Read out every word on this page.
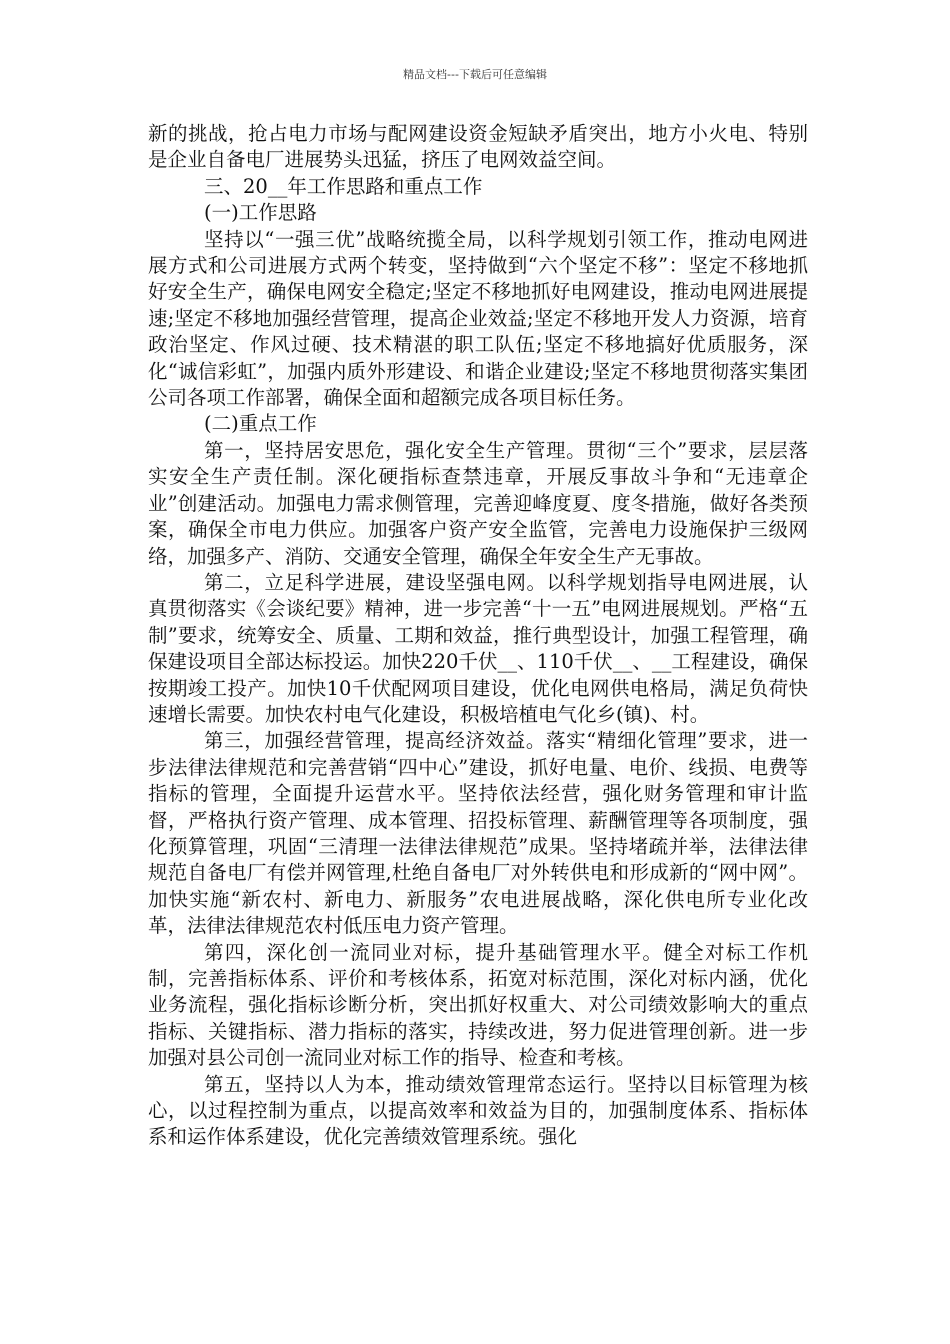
精品文档---下载后可任意编辑

新的挑战，抢占电力市场与配网建设资金短缺矛盾突出，地方小火电、特别是企业自备电厂进展势头迅猛，挤压了电网效益空间。

三、20__年工作思路和重点工作

(一)工作思路

坚持以“一强三优”战略统揽全局，以科学规划引领工作，推动电网进展方式和公司进展方式两个转变，坚持做到“六个坚定不移”：坚定不移地抓好安全生产，确保电网安全稳定;坚定不移地抓好电网建设，推动电网进展提速;坚定不移地加强经营管理，提高企业效益;坚定不移地开发人力资源，培育政治坚定、作风过硬、技术精湛的职工队伍;坚定不移地搞好优质服务，深化“诚信彩虹”，加强内质外形建设、和谐企业建设;坚定不移地贯彻落实集团公司各项工作部署，确保全面和超额完成各项目标任务。

(二)重点工作

第一，坚持居安思危，强化安全生产管理。贯彻“三个”要求，层层落实安全生产责任制。深化硬指标查禁违章，开展反事故斗争和“无违章企业”创建活动。加强电力需求侧管理，完善迎峰度夏、度冬措施，做好各类预案，确保全市电力供应。加强客户资产安全监管，完善电力设施保护三级网络，加强多产、消防、交通安全管理，确保全年安全生产无事故。

第二，立足科学进展，建设坚强电网。以科学规划指导电网进展，认真贯彻落实《会谈纪要》精神，进一步完善“十一五”电网进展规划。严格“五制”要求，统筹安全、质量、工期和效益，推行典型设计，加强工程管理，确保建设项目全部达标投运。加快220千伏__、110千伏__、__工程建设，确保按期竣工投产。加快10千伏配网项目建设，优化电网供电格局，满足负荷快速增长需要。加快农村电气化建设，积极培植电气化乡(镇)、村。

第三，加强经营管理，提高经济效益。落实“精细化管理”要求，进一步法律法律规范和完善营销“四中心”建设，抓好电量、电价、线损、电费等指标的管理，全面提升运营水平。坚持依法经营，强化财务管理和审计监督，严格执行资产管理、成本管理、招投标管理、薪酬管理等各项制度，强化预算管理，巩固“三清理一法律法律规范”成果。坚持堵疏并举，法律法律规范自备电厂有偿并网管理,杜绝自备电厂对外转供电和形成新的“网中网”。加快实施“新农村、新电力、新服务”农电进展战略，深化供电所专业化改革，法律法律规范农村低压电力资产管理。

第四，深化创一流同业对标，提升基础管理水平。健全对标工作机制，完善指标体系、评价和考核体系，拓宽对标范围，深化对标内涵，优化业务流程，强化指标诊断分析，突出抓好权重大、对公司绩效影响大的重点指标、关键指标、潜力指标的落实，持续改进，努力促进管理创新。进一步加强对县公司创一流同业对标工作的指导、检查和考核。

第五，坚持以人为本，推动绩效管理常态运行。坚持以目标管理为核心，以过程控制为重点，以提高效率和效益为目的，加强制度体系、指标体系和运作体系建设，优化完善绩效管理系统。强化
